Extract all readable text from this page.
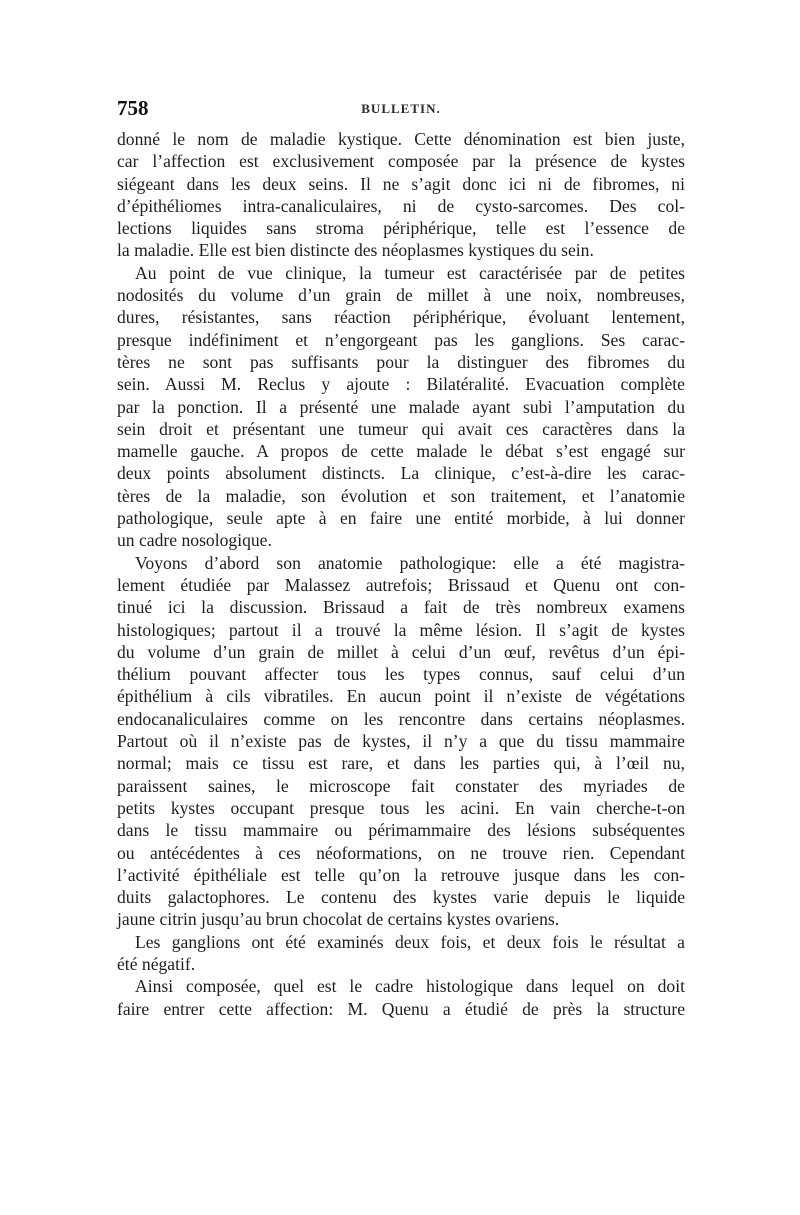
758	BULLETIN.
donné le nom de maladie kystique. Cette dénomination est bien juste,
car l’affection est exclusivement composée par la présence de kystes
siégeant dans les deux seins. Il ne s’agit donc ici ni de fibromes, ni
d’épithéliomes intra-canaliculaires, ni de cysto-sarcomes. Des col-
lections liquides sans stroma périphérique, telle est l’essence de
la maladie. Elle est bien distincte des néoplasmes kystiques du sein.
Au point de vue clinique, la tumeur est caractérisée par de petites
nodosités du volume d’un grain de millet à une noix, nombreuses,
dures, résistantes, sans réaction périphérique, évoluant lentement,
presque indéfiniment et n’engorgeant pas les ganglions. Ses carac-
tères ne sont pas suffisants pour la distinguer des fibromes du
sein. Aussi M. Reclus y ajoute : Bilatéralité. Evacuation complète
par la ponction. Il a présenté une malade ayant subi l’amputation du
sein droit et présentant une tumeur qui avait ces caractères dans la
mamelle gauche. A propos de cette malade le débat s’est engagé sur
deux points absolument distincts. La clinique, c’est-à-dire les carac-
tères de la maladie, son évolution et son traitement, et l’anatomie
pathologique, seule apte à en faire une entité morbide, à lui donner
un cadre nosologique.
Voyons d’abord son anatomie pathologique: elle a été magistra-
lement étudiée par Malassez autrefois; Brissaud et Quenu ont con-
tinué ici la discussion. Brissaud a fait de très nombreux examens
histologiques; partout il a trouvé la même lésion. Il s’agit de kystes
du volume d’un grain de millet à celui d’un œuf, revêtus d’un épi-
thélium pouvant affecter tous les types connus, sauf celui d’un
épithélium à cils vibratiles. En aucun point il n’existe de végétations
endocanaliculaires comme on les rencontre dans certains néoplasmes.
Partout où il n’existe pas de kystes, il n’y a que du tissu mammaire
normal; mais ce tissu est rare, et dans les parties qui, à l’œil nu,
paraissent saines, le microscope fait constater des myriades de
petits kystes occupant presque tous les acini. En vain cherche-t-on
dans le tissu mammaire ou périmammaire des lésions subséquentes
ou antécédentes à ces néoformations, on ne trouve rien. Cependant
l’activité épithéliale est telle qu’on la retrouve jusque dans les con-
duits galactophores. Le contenu des kystes varie depuis le liquide
jaune citrin jusqu’au brun chocolat de certains kystes ovariens.
Les ganglions ont été examinés deux fois, et deux fois le résultat a
été négatif.
Ainsi composée, quel est le cadre histologique dans lequel on doit
faire entrer cette affection: M. Quenu a étudié de près la structure
